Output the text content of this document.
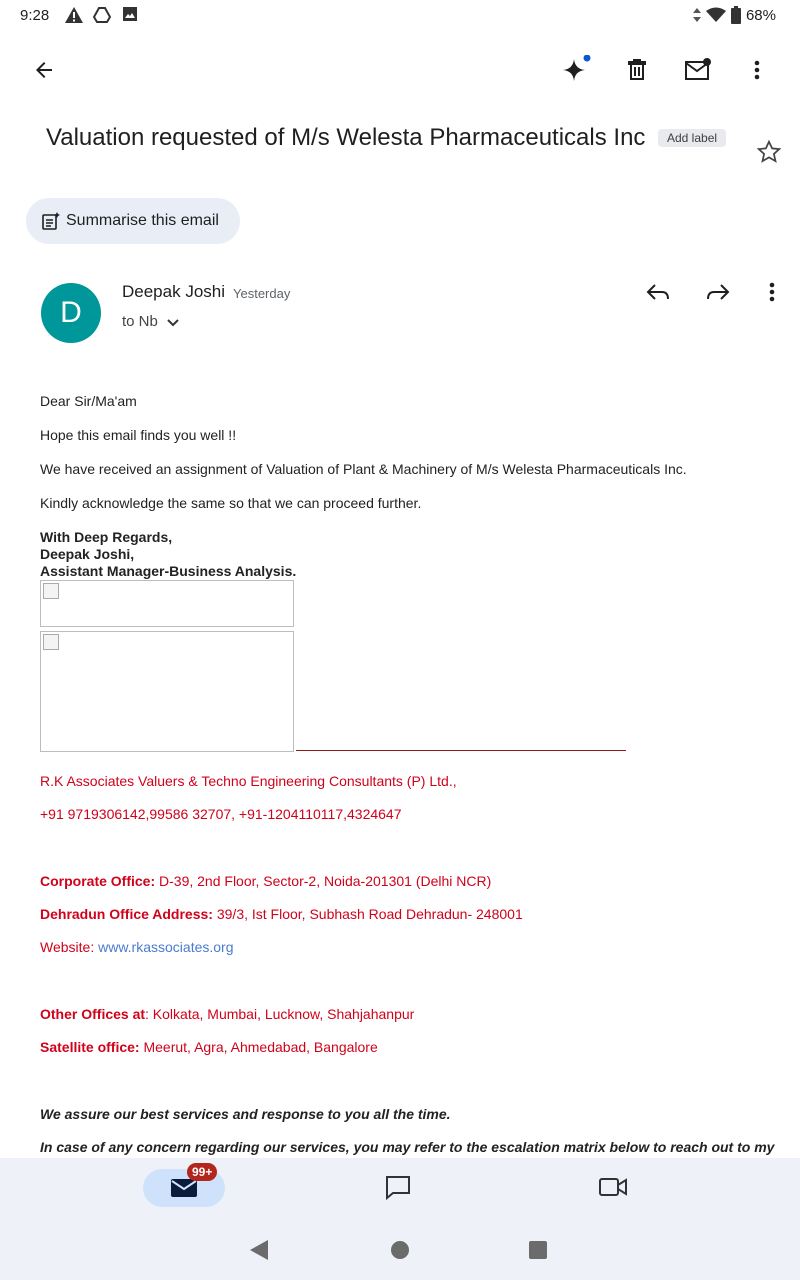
9:28	68%
Valuation requested of M/s Welesta Pharmaceuticals Inc	Add label
Summarise this email
D
Deepak Joshi Yesterday
to Nb
Dear Sir/Ma'am
Hope this email finds you well !!
We have received an assignment of Valuation of Plant & Machinery of M/s Welesta Pharmaceuticals Inc.
Kindly acknowledge the same so that we can proceed further.
With Deep Regards,
Deepak Joshi,
Assistant Manager-Business Analysis.
R.K Associates Valuers & Techno Engineering Consultants (P) Ltd.,
+91 9719306142,99586 32707, +91-1204110117,4324647
Corporate Office: D-39, 2nd Floor, Sector-2, Noida-201301 (Delhi NCR)
Dehradun Office Address: 39/3, Ist Floor, Subhash Road Dehradun- 248001
Website: www.rkassociates.org
Other Offices at: Kolkata, Mumbai, Lucknow, Shahjahanpur
Satellite office: Meerut, Agra, Ahmedabad, Bangalore
We assure our best services and response to you all the time.
In case of any concern regarding our services, you may refer to the escalation matrix below to reach out to my
99+
